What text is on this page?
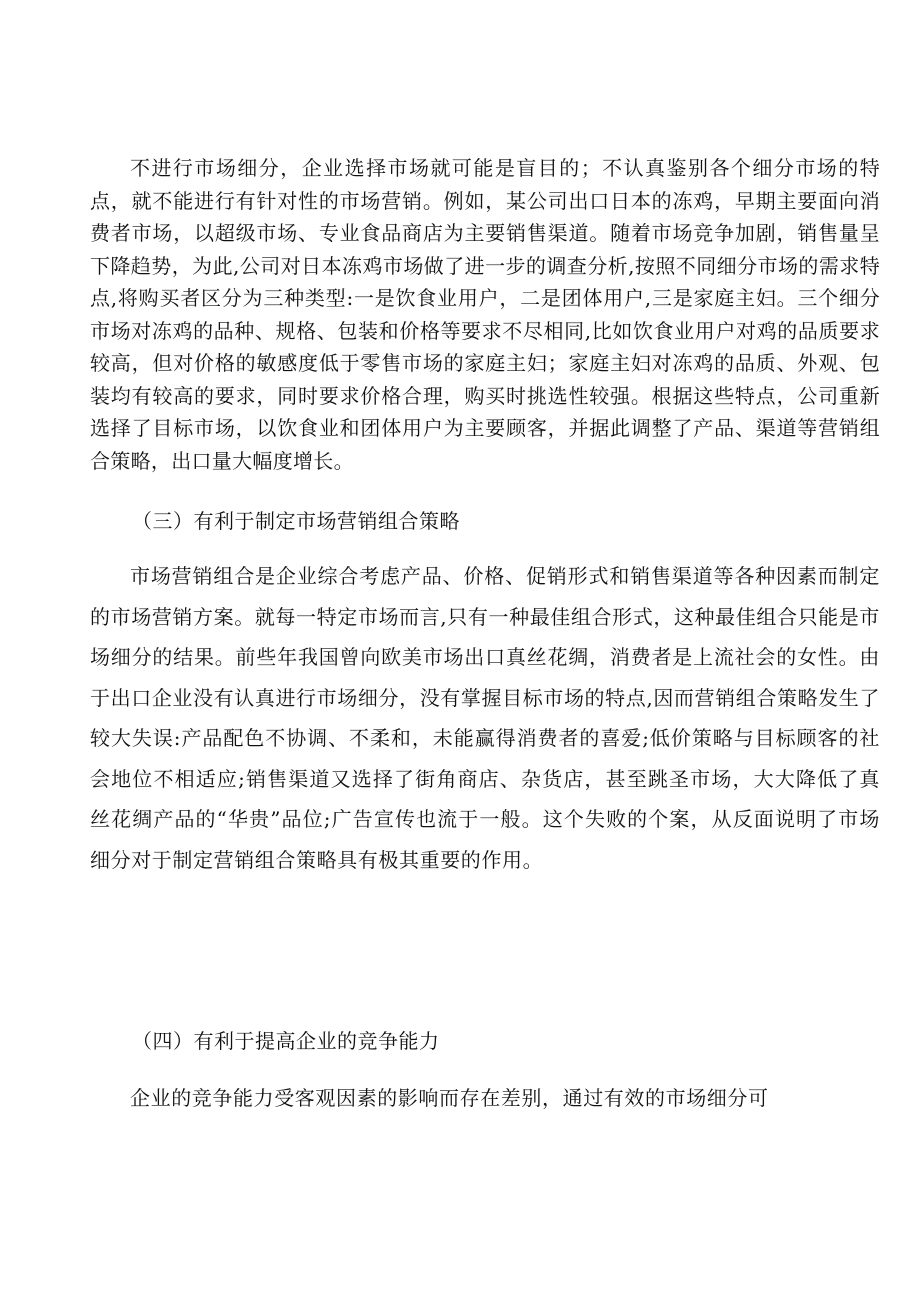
不进行市场细分，企业选择市场就可能是盲目的；不认真鉴别各个细分市场的特点，就不能进行有针对性的市场营销。例如，某公司出口日本的冻鸡，早期主要面向消费者市场，以超级市场、专业食品商店为主要销售渠道。随着市场竞争加剧，销售量呈下降趋势，为此,公司对日本冻鸡市场做了进一步的调查分析,按照不同细分市场的需求特点,将购买者区分为三种类型:一是饮食业用户，二是团体用户,三是家庭主妇。三个细分市场对冻鸡的品种、规格、包装和价格等要求不尽相同,比如饮食业用户对鸡的品质要求较高，但对价格的敏感度低于零售市场的家庭主妇；家庭主妇对冻鸡的品质、外观、包装均有较高的要求，同时要求价格合理，购买时挑选性较强。根据这些特点，公司重新选择了目标市场，以饮食业和团体用户为主要顾客，并据此调整了产品、渠道等营销组合策略，出口量大幅度增长。

（三）有利于制定市场营销组合策略

市场营销组合是企业综合考虑产品、价格、促销形式和销售渠道等各种因素而制定的市场营销方案。就每一特定市场而言,只有一种最佳组合形式，这种最佳组合只能是市场细分的结果。前些年我国曾向欧美市场出口真丝花绸，消费者是上流社会的女性。由于出口企业没有认真进行市场细分，没有掌握目标市场的特点,因而营销组合策略发生了较大失误:产品配色不协调、不柔和，未能赢得消费者的喜爱;低价策略与目标顾客的社会地位不相适应;销售渠道又选择了街角商店、杂货店，甚至跳圣市场，大大降低了真丝花绸产品的“华贵”品位;广告宣传也流于一般。这个失败的个案，从反面说明了市场细分对于制定营销组合策略具有极其重要的作用。

（四）有利于提高企业的竞争能力

企业的竞争能力受客观因素的影响而存在差别，通过有效的市场细分可
